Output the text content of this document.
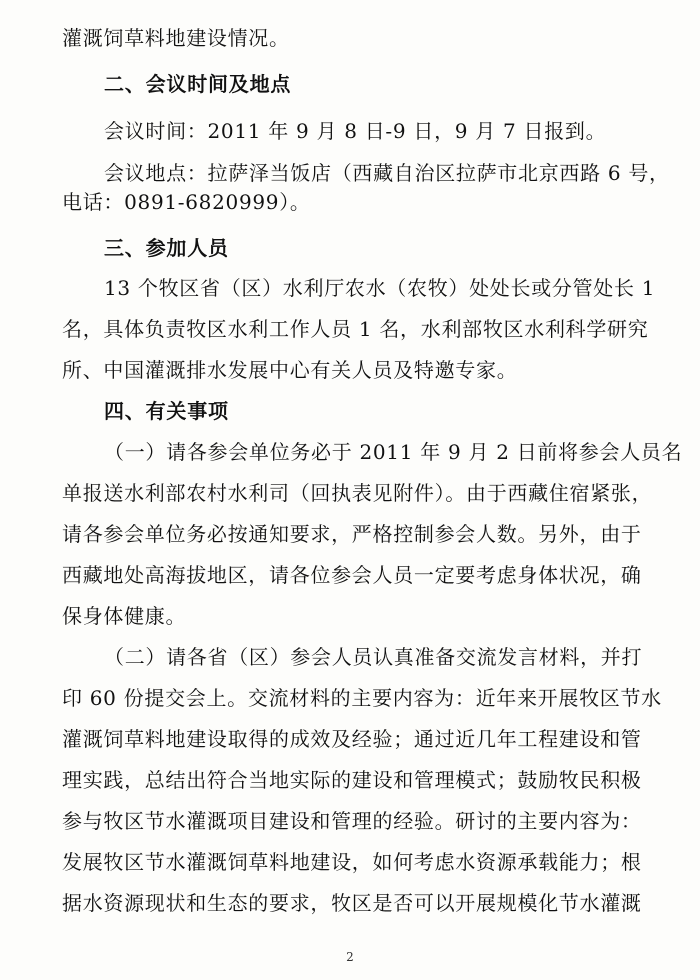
灌溉饲草料地建设情况。
二、会议时间及地点
会议时间：2011 年 9 月 8 日-9 日，9 月 7 日报到。
会议地点：拉萨泽当饭店（西藏自治区拉萨市北京西路 6 号，
电话：0891-6820999）。
三、参加人员
13 个牧区省（区）水利厅农水（农牧）处处长或分管处长 1
名，具体负责牧区水利工作人员 1 名，水利部牧区水利科学研究
所、中国灌溉排水发展中心有关人员及特邀专家。
四、有关事项
（一）请各参会单位务必于 2011 年 9 月 2 日前将参会人员名
单报送水利部农村水利司（回执表见附件）。由于西藏住宿紧张，
请各参会单位务必按通知要求，严格控制参会人数。另外，由于
西藏地处高海拔地区，请各位参会人员一定要考虑身体状况，确
保身体健康。
（二）请各省（区）参会人员认真准备交流发言材料，并打
印 60 份提交会上。交流材料的主要内容为：近年来开展牧区节水
灌溉饲草料地建设取得的成效及经验；通过近几年工程建设和管
理实践，总结出符合当地实际的建设和管理模式；鼓励牧民积极
参与牧区节水灌溉项目建设和管理的经验。研讨的主要内容为：
发展牧区节水灌溉饲草料地建设，如何考虑水资源承载能力；根
据水资源现状和生态的要求，牧区是否可以开展规模化节水灌溉
2
